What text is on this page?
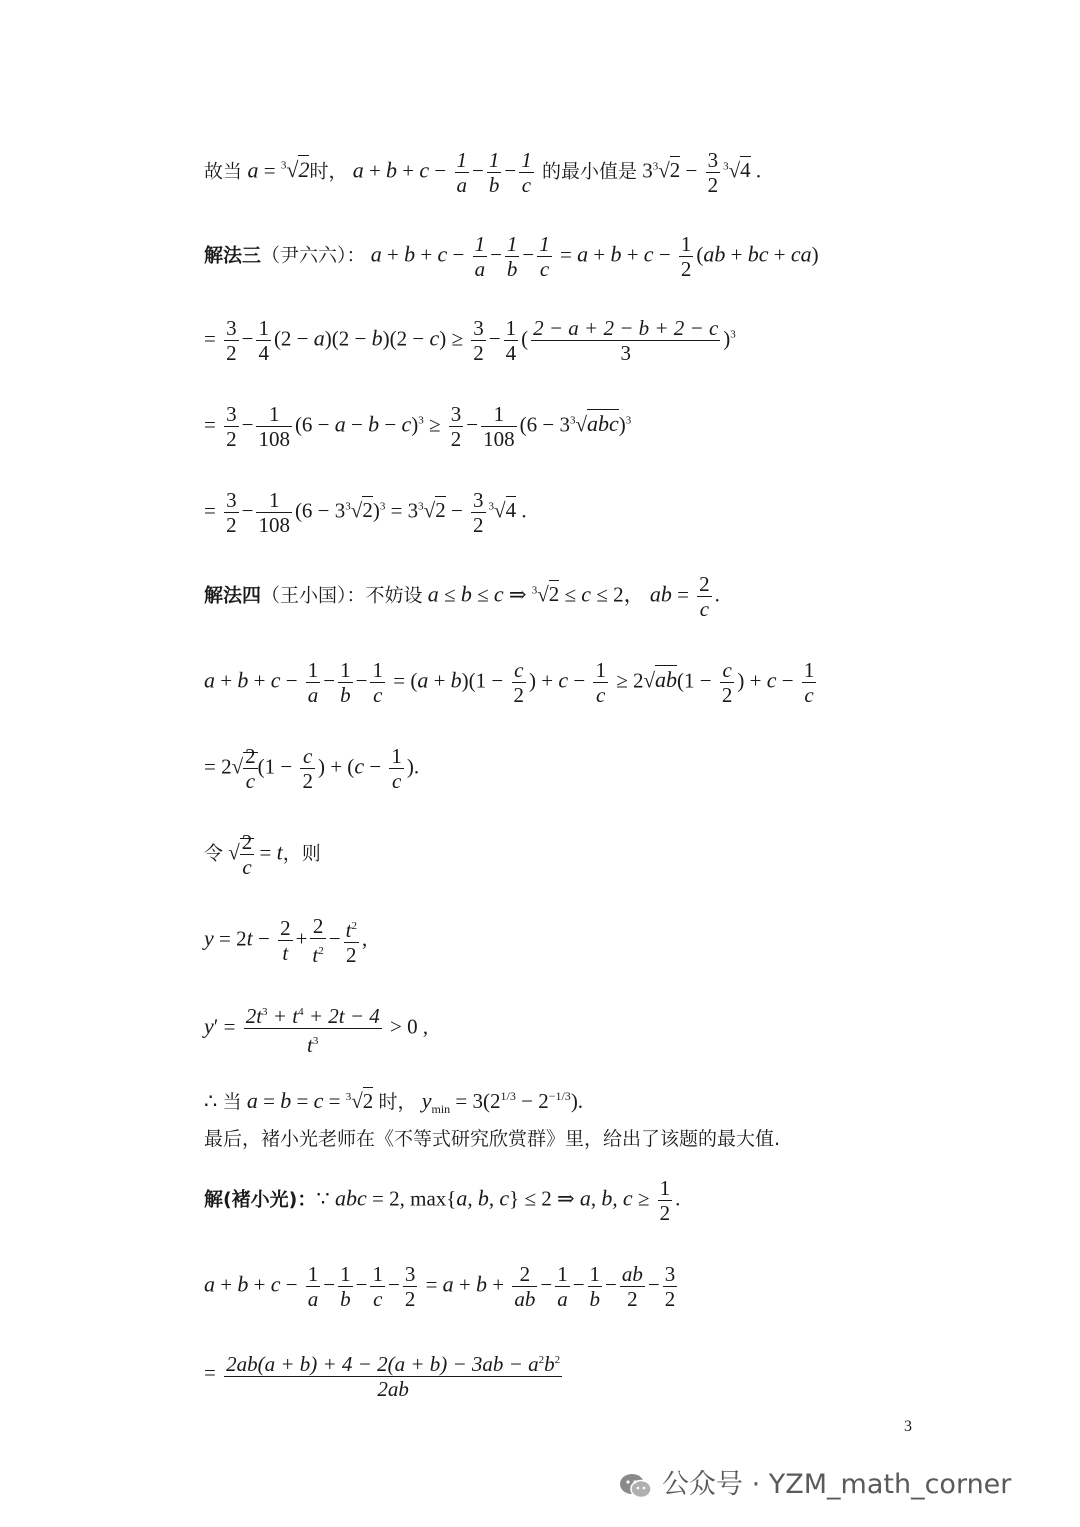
故当 a = $^3$√2时， $a + b + c - \frac{1}{a} - \frac{1}{b} - \frac{1}{c}$ 的最小值是 $3^3√2 - \frac{3}{2} ^3√4$ .
解法三（尹六六）： $a + b + c - \frac{1}{a} - \frac{1}{b} - \frac{1}{c} = a + b + c - \frac{1}{2} (ab$ + bc + ca)
= $\frac{3}{2} - \frac{1}{4} (2 - a)(2 - b)(2 - c) \ge \frac{3}{2} - \frac{1}{4}$ ( $\frac{2 - a + 2 - b + 2 - c}{3} )^3$
= $\frac{3}{2} - \frac{1}{108} (6 - a - b - c)^3 \ge \frac{3}{2} - \frac{1}{108} (6 - 3^3√abc)^3$
= $\frac{3}{2} - \frac{1}{108} (6 - 3^3√2)^3 = 3^3√2 - \frac{3}{2} ^3√4$ .
解法四（王小国）：不妨设 a ≤ b ≤ c ⇒ $^3$√2 ≤ c ≤ 2， ab = $\frac{2}{c}$ .
$a + b + c - \frac{1}{a} - \frac{1}{b} - \frac{1}{c} = (a + b)(1 - \frac{c}{2}$ ) + $c - \frac{1}{c} \ge 2√ab(1 - \frac{c}{2}$ ) + $c - \frac{1}{c}$
= $2√ \frac{2}{c} (1 - \frac{c}{2}$ ) + ($c - \frac{1}{c}$ ).
令 √ $\frac{2}{c} = t$，则
$y = 2t - \frac{2}{t} + \frac{2}{t^2} - \frac{t^2}{2}$ ,
$y' = \frac{2t^3 + t^4 + 2t - 4}{t^3} > 0$ ,
∴ 当 a = b = c = $^3$√2 时， $y_{min} = 3(2^{1/3} - 2^{-1/3})$.
最后，褚小光老师在《不等式研究欣赏群》里，给出了该题的最大值.
解(褚小光)：∵ abc = 2, max{a, b, c} ≤ 2 ⇒ a, b, $c \ge \frac{1}{2}$ .
$a + b + c - \frac{1}{a} - \frac{1}{b} - \frac{1}{c} - \frac{3}{2} = a + b + \frac{2}{ab} - \frac{1}{a} - \frac{1}{b} - \frac{ab}{2} - \frac{3}{2}$
= $\frac{2ab(a + b) + 4 - 2(a + b) - 3ab - a^2b^2}{2ab}$
3
公众号 · YZM_math_corner
